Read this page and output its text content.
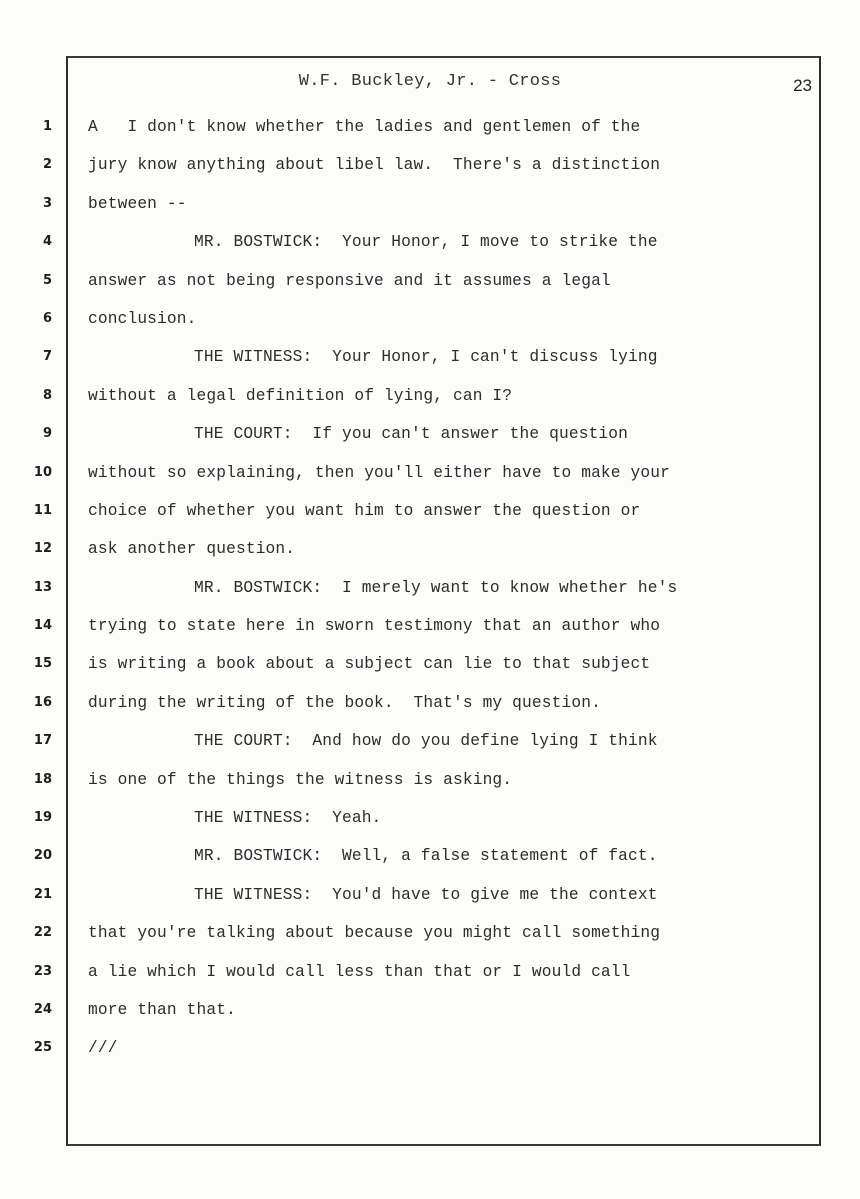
W.F. Buckley, Jr. - Cross	23
1
2
3
4
5
6
7
8
9
10
11
12
13
14
15
16
17
18
19
20
21
22
23
24
25
A   I don't know whether the ladies and gentlemen of the
jury know anything about libel law.  There's a distinction
between --
MR. BOSTWICK:  Your Honor, I move to strike the
answer as not being responsive and it assumes a legal
conclusion.
THE WITNESS:  Your Honor, I can't discuss lying
without a legal definition of lying, can I?
THE COURT:  If you can't answer the question
without so explaining, then you'll either have to make your
choice of whether you want him to answer the question or
ask another question.
MR. BOSTWICK:  I merely want to know whether he's
trying to state here in sworn testimony that an author who
is writing a book about a subject can lie to that subject
during the writing of the book.  That's my question.
THE COURT:  And how do you define lying I think
is one of the things the witness is asking.
THE WITNESS:  Yeah.
MR. BOSTWICK:  Well, a false statement of fact.
THE WITNESS:  You'd have to give me the context
that you're talking about because you might call something
a lie which I would call less than that or I would call
more than that.
///
